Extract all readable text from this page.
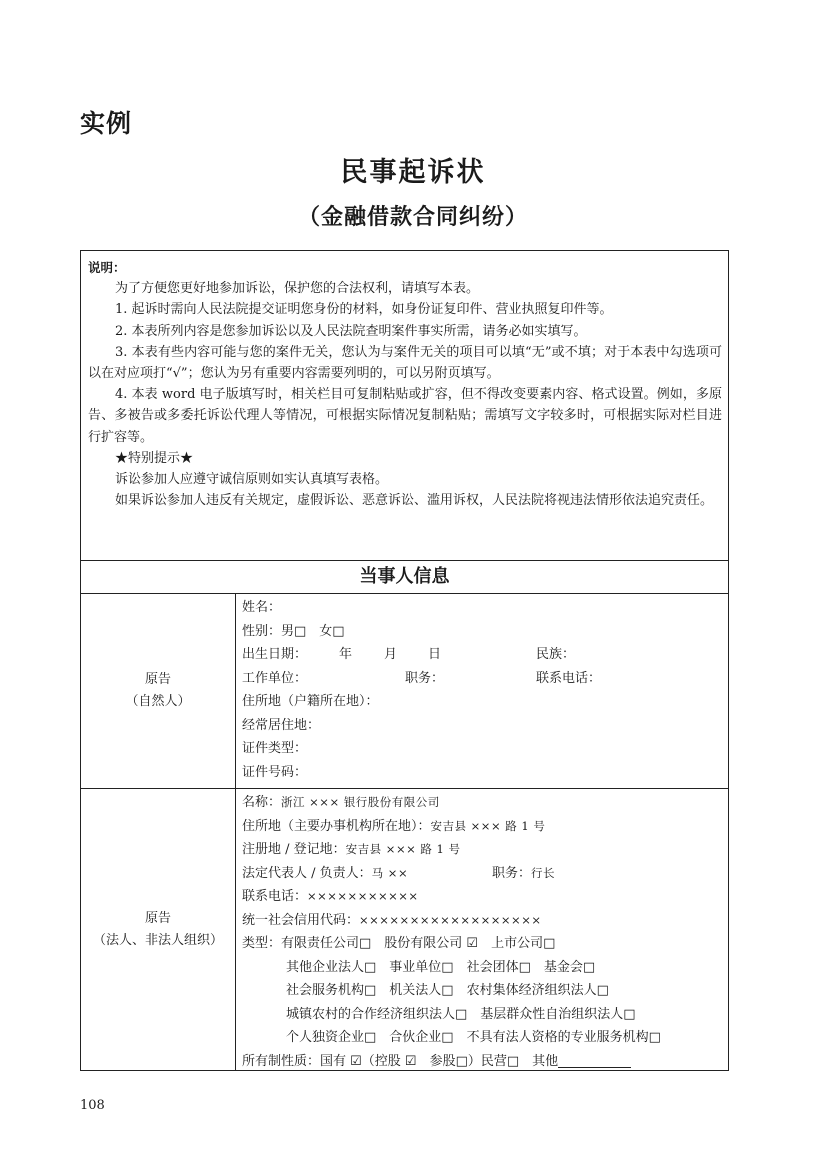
实例
民事起诉状
（金融借款合同纠纷）

说明：

为了方便您更好地参加诉讼，保护您的合法权利，请填写本表。

1. 起诉时需向人民法院提交证明您身份的材料，如身份证复印件、营业执照复印件等。

2. 本表所列内容是您参加诉讼以及人民法院查明案件事实所需，请务必如实填写。

3. 本表有些内容可能与您的案件无关，您认为与案件无关的项目可以填“无”或不填；对于本表中勾选项可以在对应项打“√”；您认为另有重要内容需要列明的，可以另附页填写。

4. 本表 word 电子版填写时，相关栏目可复制粘贴或扩容，但不得改变要素内容、格式设置。例如，多原告、多被告或多委托诉讼代理人等情况，可根据实际情况复制粘贴；需填写文字较多时，可根据实际对栏目进行扩容等。

★特别提示★

诉讼参加人应遵守诚信原则如实认真填写表格。

如果诉讼参加人违反有关规定，虚假诉讼、恶意诉讼、滥用诉权，人民法院将视违法情形依法追究责任。

当事人信息
原告
（自然人）
姓名：
性别：男□　女□
出生日期： 年 月 日	民族：
工作单位：	职务：	联系电话：
住所地（户籍所在地）：
经常居住地：
证件类型：
证件号码：
原告
（法人、非法人组织）
名称：浙江 ××× 银行股份有限公司
住所地（主要办事机构所在地）：安吉县 ××× 路 1 号
注册地 / 登记地：安吉县 ××× 路 1 号
法定代表人 / 负责人：马 ××	职务：行长
联系电话：×××××××××××
统一社会信用代码：××××××××××××××××××
类型：有限责任公司□　股份有限公司 ☑　上市公司□
其他企业法人□　事业单位□　社会团体□　基金会□
社会服务机构□　机关法人□　农村集体经济组织法人□
城镇农村的合作经济组织法人□　基层群众性自治组织法人□
个人独资企业□　合伙企业□　不具有法人资格的专业服务机构□
所有制性质：国有 ☑（控股 ☑　参股□）民营□　其他
108
